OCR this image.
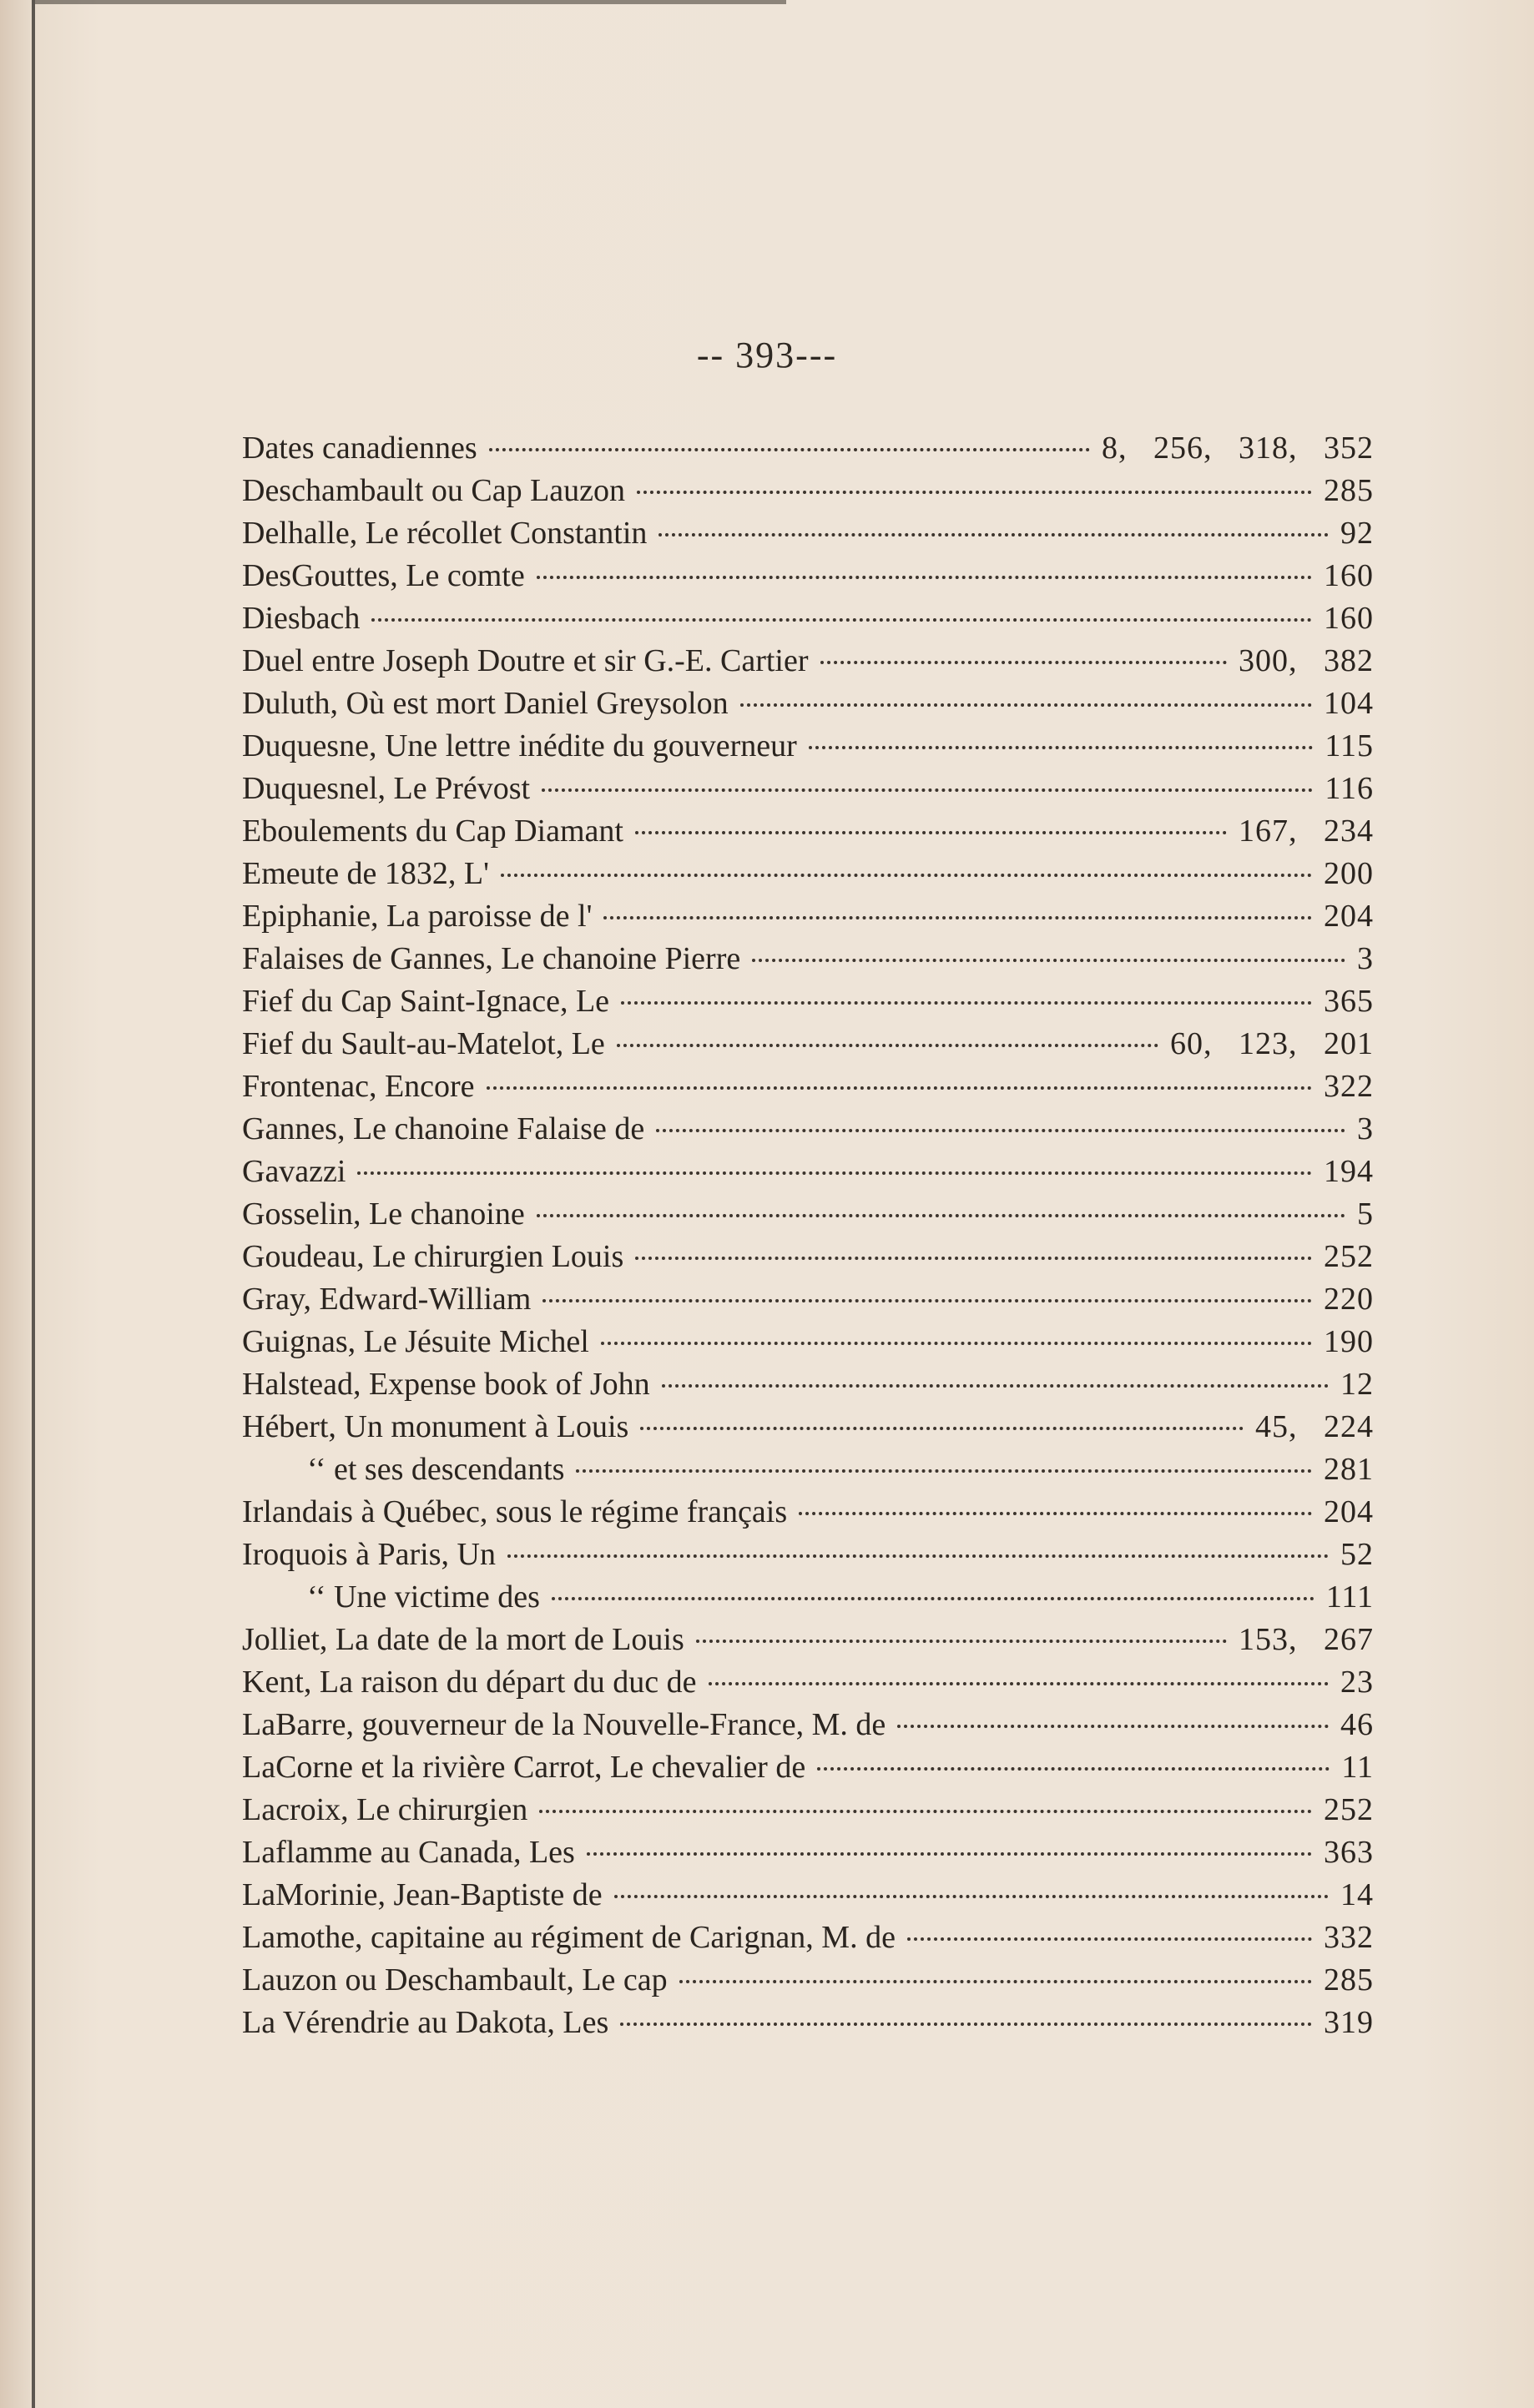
-- 393---
Dates canadiennes	8,   256,   318,   352
Deschambault ou Cap Lauzon	285
Delhalle, Le récollet Constantin	92
DesGouttes, Le comte	160
Diesbach	160
Duel entre Joseph Doutre et sir G.-E. Cartier	300,   382
Duluth, Où est mort Daniel Greysolon	104
Duquesne, Une lettre inédite du gouverneur	115
Duquesnel, Le Prévost	116
Eboulements du Cap Diamant	167,   234
Emeute de 1832, L'	200
Epiphanie, La paroisse de l'	204
Falaises de Gannes, Le chanoine Pierre	3
Fief du Cap Saint-Ignace, Le	365
Fief du Sault-au-Matelot, Le	60,   123,   201
Frontenac, Encore	322
Gannes, Le chanoine Falaise de	3
Gavazzi	194
Gosselin, Le chanoine	5
Goudeau, Le chirurgien Louis	252
Gray, Edward-William	220
Guignas, Le Jésuite Michel	190
Halstead, Expense book of John	12
Hébert, Un monument à Louis	45,   224
‘‘ et ses descendants	281
Irlandais à Québec, sous le régime français	204
Iroquois à Paris, Un	52
‘‘ Une victime des	111
Jolliet, La date de la mort de Louis	153,   267
Kent, La raison du départ du duc de	23
LaBarre, gouverneur de la Nouvelle-France, M. de	46
LaCorne et la rivière Carrot, Le chevalier de	11
Lacroix, Le chirurgien	252
Laflamme au Canada, Les	363
LaMorinie, Jean-Baptiste de	14
Lamothe, capitaine au régiment de Carignan, M. de	332
Lauzon ou Deschambault, Le cap	285
La Vérendrie au Dakota, Les	319
